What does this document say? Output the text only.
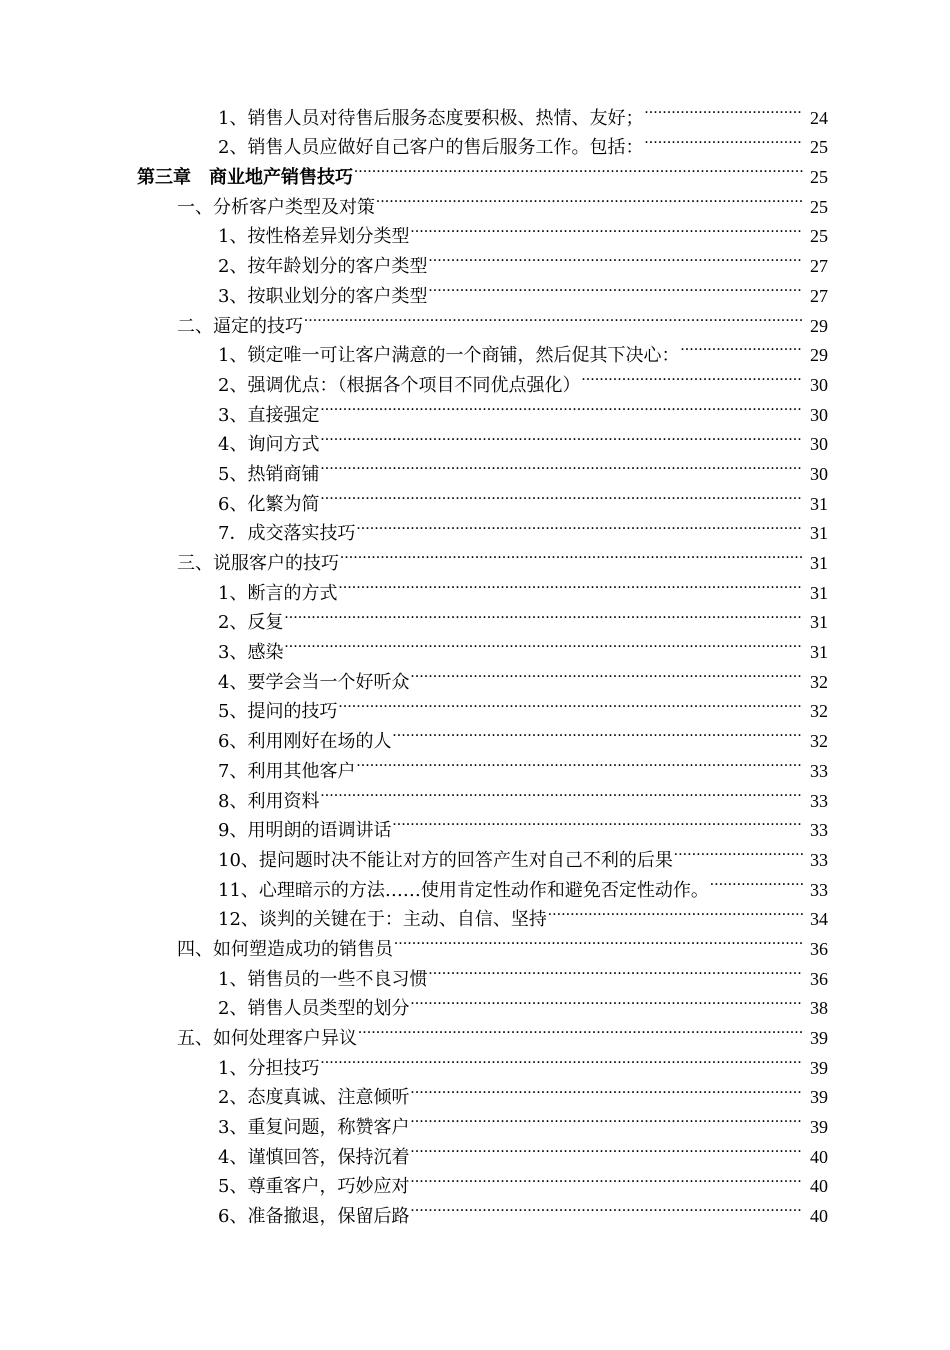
1、销售人员对待售后服务态度要积极、热情、友好； .....	24
2、销售人员应做好自己客户的售后服务工作。包括： .....	25
第三章　商业地产销售技巧 .....	25
一、分析客户类型及对策 .....	25
1、按性格差异划分类型 .....	25
2、按年龄划分的客户类型 .....	27
3、按职业划分的客户类型 .....	27
二、逼定的技巧 .....	29
1、锁定唯一可让客户满意的一个商铺，然后促其下决心： .....	29
2、强调优点：（根据各个项目不同优点强化） .....	30
3、直接强定 .....	30
4、询问方式 .....	30
5、热销商铺 .....	30
6、化繁为简 .....	31
7．成交落实技巧 .....	31
三、说服客户的技巧 .....	31
1、断言的方式 .....	31
2、反复 .....	31
3、感染 .....	31
4、要学会当一个好听众 .....	32
5、提问的技巧 .....	32
6、利用刚好在场的人 .....	32
7、利用其他客户 .....	33
8、利用资料 .....	33
9、用明朗的语调讲话 .....	33
10、提问题时决不能让对方的回答产生对自己不利的后果 .....	33
11、心理暗示的方法……使用肯定性动作和避免否定性动作。 .....	33
12、谈判的关键在于：主动、自信、坚持 .....	34
四、如何塑造成功的销售员 .....	36
1、销售员的一些不良习惯 .....	36
2、销售人员类型的划分 .....	38
五、如何处理客户异议 .....	39
1、分担技巧 .....	39
2、态度真诚、注意倾听 .....	39
3、重复问题，称赞客户 .....	39
4、谨慎回答，保持沉着 .....	40
5、尊重客户，巧妙应对 .....	40
6、准备撤退，保留后路 .....	40
